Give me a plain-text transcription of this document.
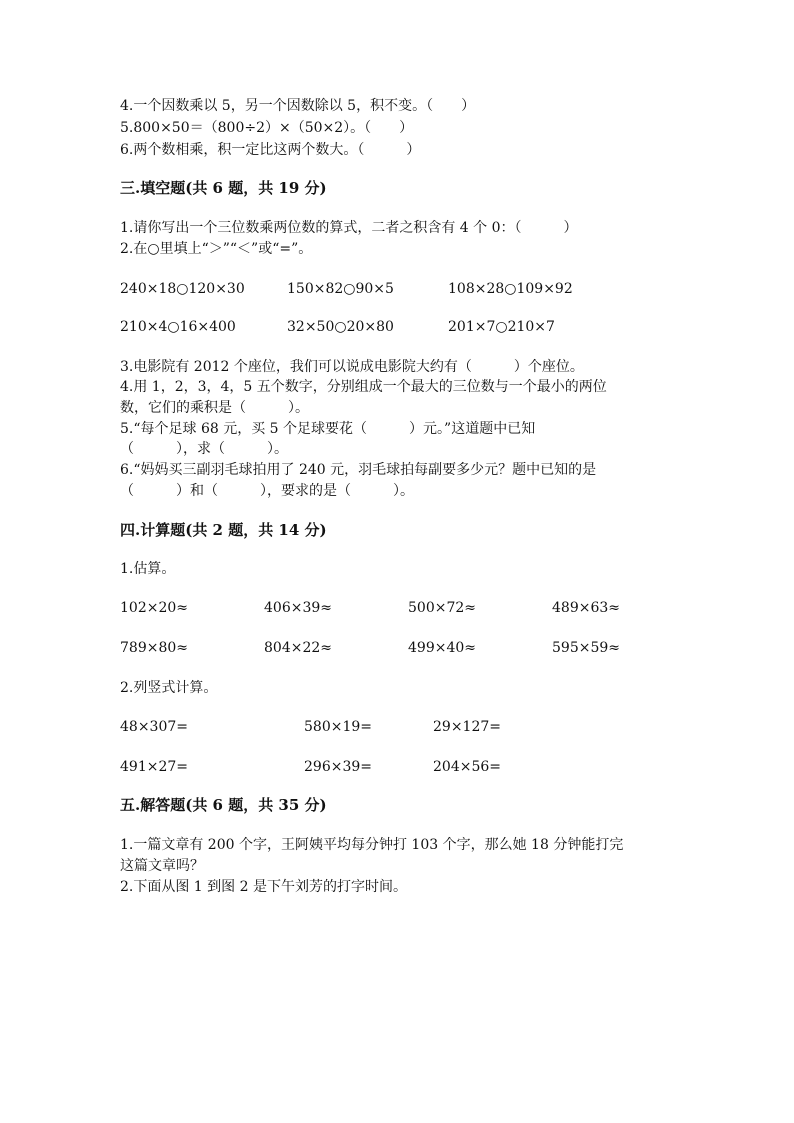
4.一个因数乘以 5，另一个因数除以 5，积不变。（　　）
5.800×50＝（800÷2）×（50×2）。（　　）
6.两个数相乘，积一定比这两个数大。（　　　）
三.填空题(共 6 题，共 19 分)
1.请你写出一个三位数乘两位数的算式，二者之积含有 4 个 0：（　　　）
2.在○里填上“＞”“＜”或“=”。
240×18○120×30	150×82○90×5	108×28○109×92
210×4○16×400	32×50○20×80	201×7○210×7
3.电影院有 2012 个座位，我们可以说成电影院大约有（　　　）个座位。
4.用 1，2，3，4，5 五个数字，分别组成一个最大的三位数与一个最小的两位
数，它们的乘积是（　　　）。
5.“每个足球 68 元，买 5 个足球要花（　　　）元。”这道题中已知
（　　　），求（　　　）。
6.“妈妈买三副羽毛球拍用了 240 元，羽毛球拍每副要多少元？题中已知的是
（　　　）和（　　　），要求的是（　　　）。
四.计算题(共 2 题，共 14 分)
1.估算。
102×20≈	406×39≈	500×72≈	489×63≈
789×80≈	804×22≈	499×40≈	595×59≈
2.列竖式计算。
48×307=	580×19=	29×127=
491×27=	296×39=	204×56=
五.解答题(共 6 题，共 35 分)
1.一篇文章有 200 个字，王阿姨平均每分钟打 103 个字，那么她 18 分钟能打完
这篇文章吗？
2.下面从图 1 到图 2 是下午刘芳的打字时间。
